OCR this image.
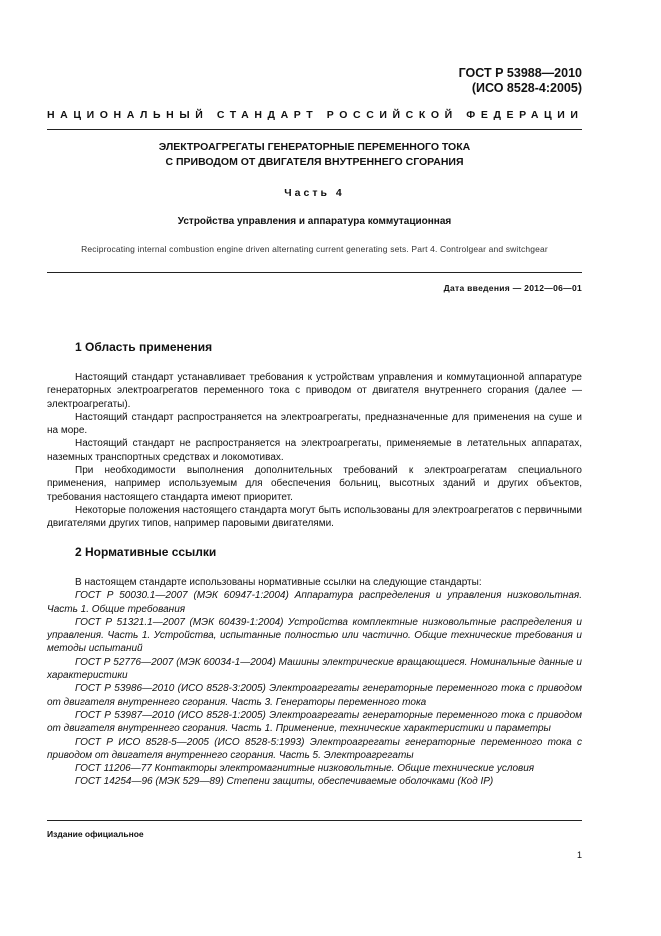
ГОСТ Р 53988—2010
(ИСО 8528-4:2005)
НАЦИОНАЛЬНЫЙ СТАНДАРТ РОССИЙСКОЙ ФЕДЕРАЦИИ
ЭЛЕКТРОАГРЕГАТЫ ГЕНЕРАТОРНЫЕ ПЕРЕМЕННОГО ТОКА
С ПРИВОДОМ ОТ ДВИГАТЕЛЯ ВНУТРЕННЕГО СГОРАНИЯ
Часть 4
Устройства управления и аппаратура коммутационная
Reciprocating internal combustion engine driven alternating current generating sets. Part 4. Controlgear and switchgear
Дата введения — 2012—06—01
1 Область применения

Настоящий стандарт устанавливает требования к устройствам управления и коммутационной аппаратуре генераторных электроагрегатов переменного тока с приводом от двигателя внутреннего сгорания (далее — электроагрегаты).

Настоящий стандарт распространяется на электроагрегаты, предназначенные для применения на суше и на море.

Настоящий стандарт не распространяется на электроагрегаты, применяемые в летательных аппаратах, наземных транспортных средствах и локомотивах.

При необходимости выполнения дополнительных требований к электроагрегатам специального применения, например используемым для обеспечения больниц, высотных зданий и других объектов, требования настоящего стандарта имеют приоритет.

Некоторые положения настоящего стандарта могут быть использованы для электроагрегатов с первичными двигателями других типов, например паровыми двигателями.

2 Нормативные ссылки

В настоящем стандарте использованы нормативные ссылки на следующие стандарты:

ГОСТ Р 50030.1—2007 (МЭК 60947-1:2004) Аппаратура распределения и управления низковольтная. Часть 1. Общие требования

ГОСТ Р 51321.1—2007 (МЭК 60439-1:2004) Устройства комплектные низковольтные распределения и управления. Часть 1. Устройства, испытанные полностью или частично. Общие технические требования и методы испытаний

ГОСТ Р 52776—2007 (МЭК 60034-1—2004) Машины электрические вращающиеся. Номинальные данные и характеристики

ГОСТ Р 53986—2010 (ИСО 8528-3:2005) Электроагрегаты генераторные переменного тока с приводом от двигателя внутреннего сгорания. Часть 3. Генераторы переменного тока

ГОСТ Р 53987—2010 (ИСО 8528-1:2005) Электроагрегаты генераторные переменного тока с приводом от двигателя внутреннего сгорания. Часть 1. Применение, технические характеристики и параметры

ГОСТ Р ИСО 8528-5—2005 (ИСО 8528-5:1993) Электроагрегаты генераторные переменного тока с приводом от двигателя внутреннего сгорания. Часть 5. Электроагрегаты

ГОСТ 11206—77 Контакторы электромагнитные низковольтные. Общие технические условия

ГОСТ 14254—96 (МЭК 529—89) Степени защиты, обеспечиваемые оболочками (Код IP)

Издание официальное
1
